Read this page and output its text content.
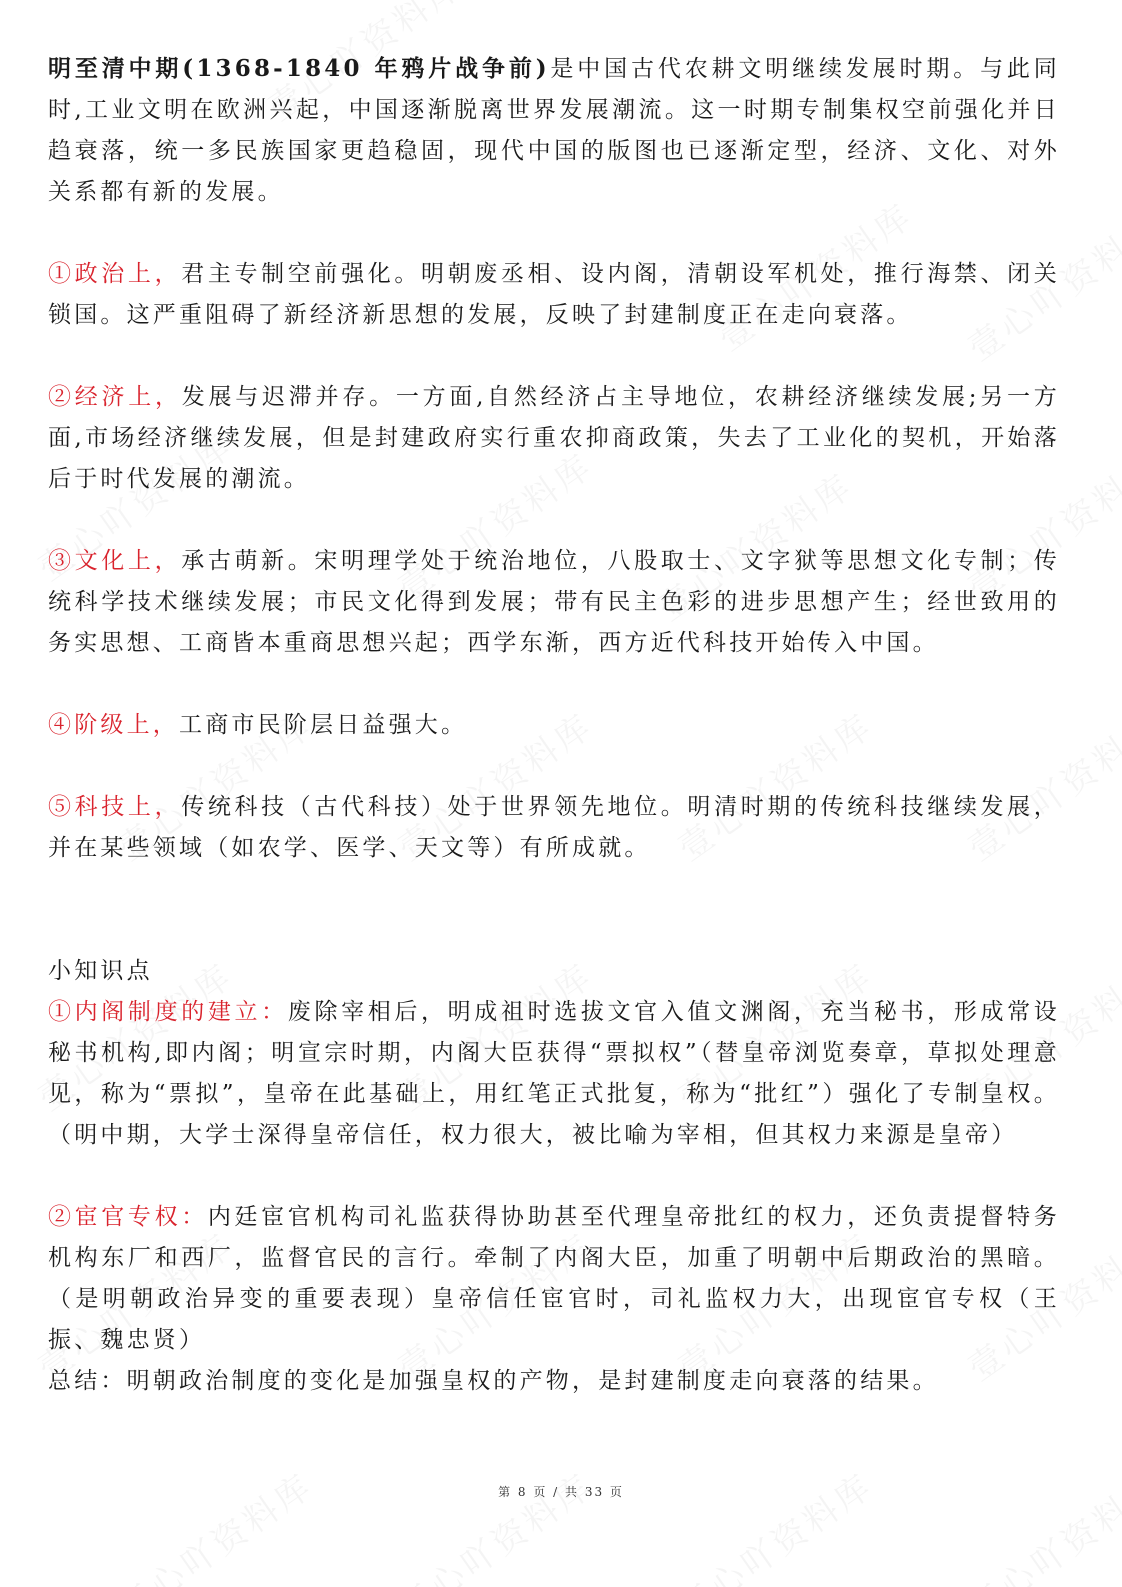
明至清中期(1368-1840 年鸦片战争前)是中国古代农耕文明继续发展时期。与此同时,工业文明在欧洲兴起，中国逐渐脱离世界发展潮流。这一时期专制集权空前强化并日趋衰落，统一多民族国家更趋稳固，现代中国的版图也已逐渐定型，经济、文化、对外关系都有新的发展。

①政治上，君主专制空前强化。明朝废丞相、设内阁，清朝设军机处，推行海禁、闭关锁国。这严重阻碍了新经济新思想的发展，反映了封建制度正在走向衰落。

②经济上，发展与迟滞并存。一方面,自然经济占主导地位，农耕经济继续发展;另一方面,市场经济继续发展，但是封建政府实行重农抑商政策，失去了工业化的契机，开始落后于时代发展的潮流。

③文化上，承古萌新。宋明理学处于统治地位，八股取士、文字狱等思想文化专制；传统科学技术继续发展；市民文化得到发展；带有民主色彩的进步思想产生；经世致用的务实思想、工商皆本重商思想兴起；西学东渐，西方近代科技开始传入中国。

④阶级上，工商市民阶层日益强大。

⑤科技上，传统科技（古代科技）处于世界领先地位。明清时期的传统科技继续发展，并在某些领域（如农学、医学、天文等）有所成就。

小知识点

①内阁制度的建立：废除宰相后，明成祖时选拔文官入值文渊阁，充当秘书，形成常设秘书机构,即内阁；明宣宗时期，内阁大臣获得“票拟权”（替皇帝浏览奏章，草拟处理意见，称为“票拟”，皇帝在此基础上，用红笔正式批复，称为“批红”）强化了专制皇权。（明中期，大学士深得皇帝信任，权力很大，被比喻为宰相，但其权力来源是皇帝）

②宦官专权：内廷宦官机构司礼监获得协助甚至代理皇帝批红的权力，还负责提督特务机构东厂和西厂，监督官民的言行。牵制了内阁大臣，加重了明朝中后期政治的黑暗。（是明朝政治异变的重要表现）皇帝信任宦官时，司礼监权力大，出现宦官专权（王振、魏忠贤）

总结：明朝政治制度的变化是加强皇权的产物，是封建制度走向衰落的结果。

第 8 页 / 共 33 页
